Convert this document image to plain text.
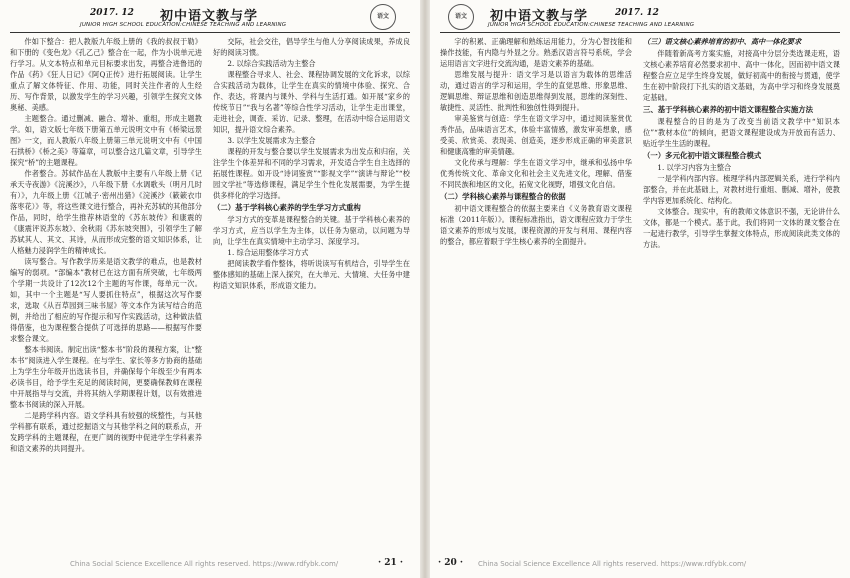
2017. 12 初中语文教与学
JUNIOR HIGH SCHOOL EDUCATION:CHINESE TEACHING AND LEARNING
语文

作如下整合：把人教版九年级上册的《我的叔叔于勒》和下册的《变色龙》《孔乙己》整合在一起，作为小说单元进行学习。从文本特点和单元目标要求出发，再整合进鲁迅的作品《药》《狂人日记》《阿Q正传》进行拓展阅读。让学生重点了解文体特征、作用、功能，同时关注作者的人生经历、写作背景，以激发学生的学习兴趣，引领学生探究文体奥秘、美感。

主题整合。通过删减、融合、增补、重组，形成主题教学。如，语文版七年级下册第五单元说明文中有《桥梁远景图》一文，而人教版八年级上册第三单元说明文中有《中国石拱桥》《桥之美》等篇章，可以整合这几篇文章，引导学生探究“桥”的主题课程。

作者整合。苏轼作品在人教版中主要有八年级上册《记承天寺夜游》《浣溪沙》，八年级下册《水调歌头（明月几时有）》，九年级上册《江城子·密州出猎》《浣溪沙（簌簌衣巾落枣花）》等，将这些课文进行整合，再补充苏轼的其他部分作品，同时，给学生推荐林语堂的《苏东坡传》和康震的《康震评说苏东坡》、余秋雨《苏东坡突围》，引领学生了解苏轼其人、其文、其诗，从而形成完整的语文知识体系，让人格魅力浸润学生的精神成长。

读写整合。写作教学历来是语文教学的难点，也是教材编写的弱项。“部编本”教材已在这方面有所突破，七年级两个学期一共设计了12次12个主题的写作课，每单元一次。如，其中一个主题是“写人要抓住特点”，根据这次写作要求，选取《从百草园到三味书屋》等文本作为读写结合的范例，并给出了相应的写作提示和写作实践活动，这种做法值得借鉴，也为课程整合提供了可选择的思路——根据写作要求整合课文。

整本书阅读。制定出读“整本书”阶段的课程方案，让“整本书”阅读进入学生课程。在与学生、家长等多方协商的基础上为学生分年级开出选读书目，并确保每个年级至少有两本必读书目，给予学生充足的阅读时间，更要确保教师在课程中开展指导与交流，并将其纳入学期课程计划，以有效推进整本书阅读的深入开展。

二是跨学科内容。语文学科具有较强的统整性，与其他学科都有联系，通过挖掘语文与其他学科之间的联系点，开发跨学科的主题课程，在更广阔的视野中促进学生学科素养和语文素养的共同提升。

交际，社会交往，倡导学生与他人分享阅读成果，养成良好的阅读习惯。

2. 以综合实践活动为主整合

课程整合寻求人、社会、课程协调发展的文化诉求，以综合实践活动为载体，让学生在真实的情境中体验、探究、合作、表达，将课内与课外、学科与生活打通。如开展“家乡的传统节日”“我与名著”等综合性学习活动，让学生走出课堂，走进社会，调查、采访、记录、整理，在活动中综合运用语文知识，提升语文综合素养。

3. 以学生发展需求为主整合

课程的开发与整合要以学生发展需求为出发点和归宿，关注学生个体差异和不同的学习需求，开发适合学生自主选择的拓展性课程。如开设“诗词鉴赏”“影视文学”“演讲与辩论”“校园文学社”等选修课程，满足学生个性化发展需要，为学生提供多样化的学习选择。

（二）基于学科核心素养的学生学习方式重构

学习方式的变革是课程整合的关键。基于学科核心素养的学习方式，应当以学生为主体，以任务为驱动，以问题为导向，让学生在真实情境中主动学习、深度学习。

1. 综合运用整体学习方式

把阅读教学看作整体，将听说读写有机结合，引导学生在整体感知的基础上深入探究，在大单元、大情境、大任务中建构语文知识体系，形成语文能力。

China Social Science Excellence All rights reserved. https://www.rdfybk.com/	· 21 ·
语文	初中语文教与学	2017. 12
JUNIOR HIGH SCHOOL EDUCATION:CHINESE TEACHING AND LEARNING

字的积累、正确理解和熟练运用能力，分为心智技能和操作技能，有内隐与外显之分。熟悉汉语言符号系统，学会运用语言文字进行交流沟通，是语文素养的基础。

思维发展与提升：语文学习是以语言为载体的思维活动，通过语言的学习和运用，学生的直觉思维、形象思维、逻辑思维、辩证思维和创造思维得到发展，思维的深刻性、敏捷性、灵活性、批判性和独创性得到提升。

审美鉴赏与创造：学生在语文学习中，通过阅读鉴赏优秀作品，品味语言艺术，体验丰富情感，激发审美想象，感受美、欣赏美、表现美、创造美，逐步形成正确的审美意识和健康高雅的审美情趣。

文化传承与理解：学生在语文学习中，继承和弘扬中华优秀传统文化、革命文化和社会主义先进文化，理解、借鉴不同民族和地区的文化，拓宽文化视野，增强文化自信。

（二）学科核心素养与课程整合的依据

初中语文课程整合的依据主要来自《义务教育语文课程标准（2011年版）》。课程标准指出，语文课程应致力于学生语文素养的形成与发展，课程资源的开发与利用、课程内容的整合，都应着眼于学生核心素养的全面提升。

（三）语文核心素养培育的初中、高中一体化要求

伴随着新高考方案实施，对接高中分层分类选课走班，语文核心素养培育必然要求初中、高中一体化，因而初中语文课程整合应立足学生终身发展，做好初高中的衔接与贯通，使学生在初中阶段打下扎实的语文基础，为高中学习和终身发展奠定基础。

三、基于学科核心素养的初中语文课程整合实施方法

课程整合的目的是为了改变当前语文教学中“知识本位”“教材本位”的倾向，把语文课程建设成为开放而有活力、贴近学生生活的课程。

（一）多元化初中语文课程整合模式

1. 以学习内容为主整合

一是学科内部内容。梳理学科内部逻辑关系，进行学科内部整合，并在此基础上，对教材进行重组、删减、增补，使教学内容更加系统化、结构化。

文体整合。现实中，有的教师文体意识不强，无论讲什么文体，都是一个模式。基于此，我们将同一文体的课文整合在一起进行教学，引导学生掌握文体特点，形成阅读此类文体的方法。

· 20 · China Social Science Excellence All rights reserved. https://www.rdfybk.com/
